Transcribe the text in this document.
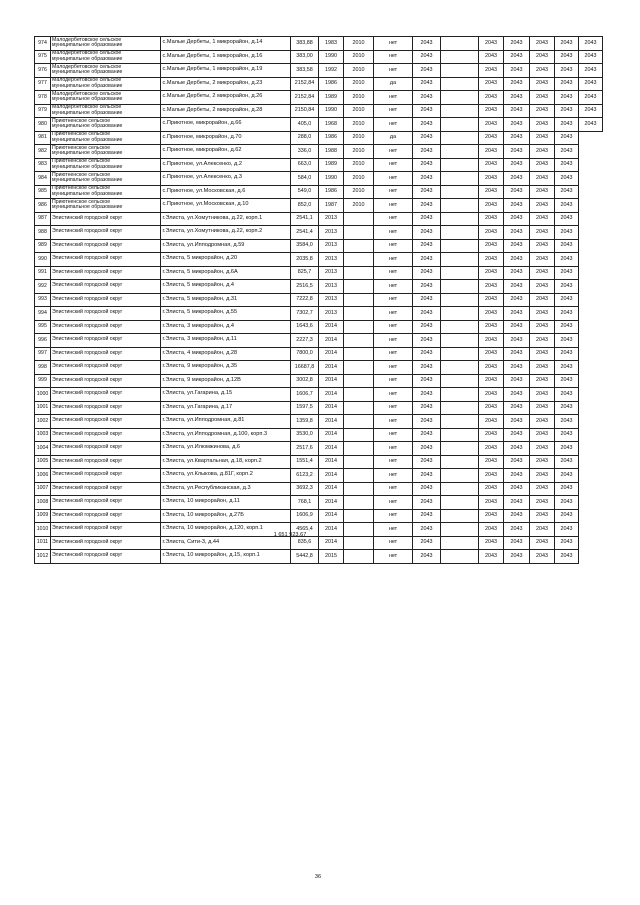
974	Малодербетовское сельское муниципальное образование	с.Малые Дербеты, 1 микрорайон, д.14	383,88	1983	2010	нет	2043		2043	2043	2043	2043	2043
975	Малодербетовское сельское муниципальное образование	с.Малые Дербеты, 1 микрорайон, д.16	383,00	1990	2010	нет	2043		2043	2043	2043	2043	2043
976	Малодербетовское сельское муниципальное образование	с.Малые Дербеты, 1 микрорайон, д.19	383,58	1992	2010	нет	2043		2043	2043	2043	2043	2043
977	Малодербетовское сельское муниципальное образование	с.Малые Дербеты, 2 микрорайон, д.23	2152,84	1986	2010	да	2043		2043	2043	2043	2043	2043
978	Малодербетовское сельское муниципальное образование	с.Малые Дербеты, 2 микрорайон, д.26	2152,84	1989	2010	нет	2043		2043	2043	2043	2043	2043
979	Малодербетовское сельское муниципальное образование	с.Малые Дербеты, 2 микрорайон, д.28	2150,84	1990	2010	нет	2043		2043	2043	2043	2043	2043
980	Приютненское сельское муниципальное образование	с.Приютное, микрорайон, д.66	405,0	1968	2010	нет	2043		2043	2043	2043	2043	2043
981	Приютненское сельское муниципальное образование	с.Приютное, микрорайон, д.70	288,0	1986	2010	да	2043		2043	2043	2043	2043	
982	Приютненское сельское муниципальное образование	с.Приютное, микрорайон, д.62	336,0	1988	2010	нет	2043		2043	2043	2043	2043	
983	Приютненское сельское муниципальное образование	с.Приютное, ул.Алексенко, д.2	663,0	1989	2010	нет	2043		2043	2043	2043	2043	
984	Приютненское сельское муниципальное образование	с.Приютное, ул.Алексенко, д.3	584,0	1990	2010	нет	2043		2043	2043	2043	2043	
985	Приютненское сельское муниципальное образование	с.Приютное, ул.Московская, д.6	549,0	1986	2010	нет	2043		2043	2043	2043	2043	
986	Приютненское сельское муниципальное образование	с.Приютное, ул.Московская, д.10	852,0	1987	2010	нет	2043		2043	2043	2043	2043	
987	Элистинский городской округ	г.Элиста, ул.Хомутникова, д.22, корп.1	2541,1	2013		нет	2043		2043	2043	2043	2043	
988	Элистинский городской округ	г.Элиста, ул.Хомутникова, д.22, корп.2	2541,4	2013		нет	2043		2043	2043	2043	2043	
989	Элистинский городской округ	г.Элиста, ул.Ипподромная, д.59	3584,0	2013		нет	2043		2043	2043	2043	2043	
990	Элистинский городской округ	г.Элиста, 5 микрорайон, д.20	2035,8	2013		нет	2043		2043	2043	2043	2043	
991	Элистинский городской округ	г.Элиста, 5 микрорайон, д.6А	825,7	2013		нет	2043		2043	2043	2043	2043	
992	Элистинский городской округ	г.Элиста, 5 микрорайон, д.4	2516,5	2013		нет	2043		2043	2043	2043	2043	
993	Элистинский городской округ	г.Элиста, 5 микрорайон, д.31	7222,8	2013		нет	2043		2043	2043	2043	2043	
994	Элистинский городской округ	г.Элиста, 5 микрорайон, д.55	7302,7	2013		нет	2043		2043	2043	2043	2043	
995	Элистинский городской округ	г.Элиста, 3 микрорайон, д.4	1643,6	2014		нет	2043		2043	2043	2043	2043	
996	Элистинский городской округ	г.Элиста, 3 микрорайон, д.11	2227,3	2014		нет	2043		2043	2043	2043	2043	
997	Элистинский городской округ	г.Элиста, 4 микрорайон, д.28	7800,0	2014		нет	2043		2043	2043	2043	2043	
998	Элистинский городской округ	г.Элиста, 9 микрорайон, д.35	16687,8	2014		нет	2043		2043	2043	2043	2043	
999	Элистинский городской округ	г.Элиста, 9 микрорайон, д.12В	3002,8	2014		нет	2043		2043	2043	2043	2043	
1000	Элистинский городской округ	г.Элиста, ул.Гагарина, д.15	1606,7	2014		нет	2043		2043	2043	2043	2043	
1001	Элистинский городской округ	г.Элиста, ул.Гагарина, д.17	1597,5	2014		нет	2043		2043	2043	2043	2043	
1002	Элистинский городской округ	г.Элиста, ул.Ипподромная, д.81	1359,8	2014		нет	2043		2043	2043	2043	2043	
1003	Элистинский городской округ	г.Элиста, ул.Ипподромная, д.100, корп.3	3530,0	2014		нет	2043		2043	2043	2043	2043	
1004	Элистинский городской округ	г.Элиста, ул.Илюмжинова, д.6	2517,6	2014		нет	2043		2043	2043	2043	2043	
1005	Элистинский городской округ	г.Элиста, ул.Квартальная, д.18, корп.2	1551,4	2014		нет	2043		2043	2043	2043	2043	
1006	Элистинский городской округ	г.Элиста, ул.Клыкова, д.81Г, корп.2	6123,2	2014		нет	2043		2043	2043	2043	2043	
1007	Элистинский городской округ	г.Элиста, ул.Республиканская, д.3	3692,3	2014		нет	2043		2043	2043	2043	2043	
1008	Элистинский городской округ	г.Элиста, 10 микрорайон, д.11	768,1	2014		нет	2043		2043	2043	2043	2043	
1009	Элистинский городской округ	г.Элиста, 10 микрорайон, д.27Б	1606,9	2014		нет	2043		2043	2043	2043	2043	
1010	Элистинский городской округ	г.Элиста, 10 микрорайон, д.120, корп.1	4565,4	2014		нет	2043		2043	2043	2043	2043	
1011	Элистинский городской округ	г.Элиста, Сити-3, д.44	835,6	2014		нет	2043		2043	2043	2043	2043	
1012	Элистинский городской округ	г.Элиста, 10 микрорайон, д.15, корп.1	5442,8	2015		нет	2043		2043	2043	2043	2043	
1 651 923,67
36
